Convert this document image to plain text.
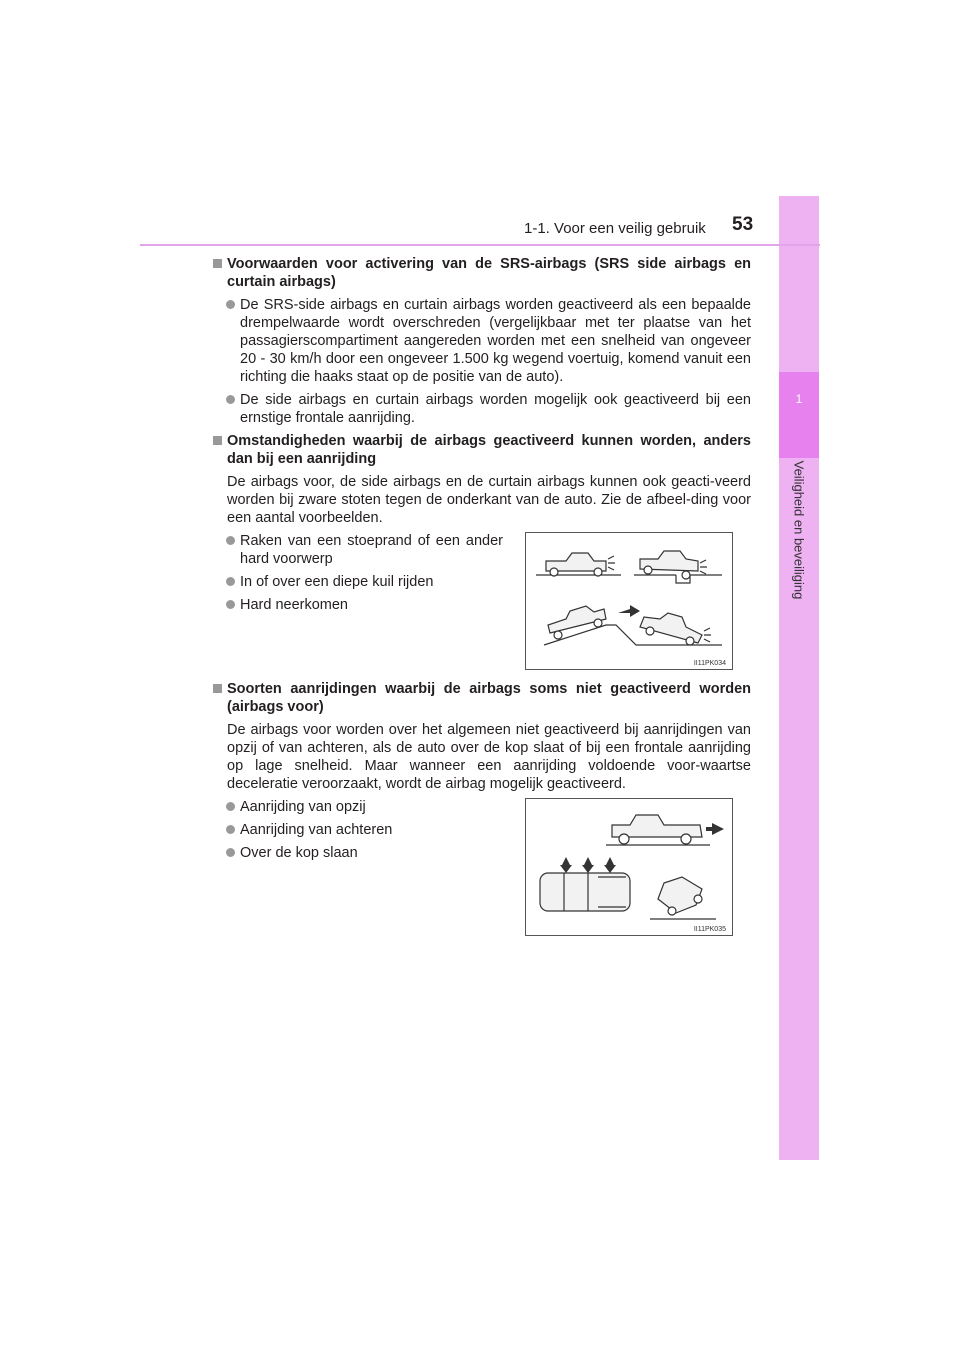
1
Veiligheid en beveiliging
1-1. Voor een veilig gebruik 53
Voorwaarden voor activering van de SRS-airbags (SRS side airbags en curtain airbags)
De SRS-side airbags en curtain airbags worden geactiveerd als een bepaalde drempelwaarde wordt overschreden (vergelijkbaar met ter plaatse van het passagierscompartiment aangereden worden met een snelheid van ongeveer 20 - 30 km/h door een ongeveer 1.500 kg wegend voertuig, komend vanuit een richting die haaks staat op de positie van de auto).
De side airbags en curtain airbags worden mogelijk ook geactiveerd bij een ernstige frontale aanrijding.
Omstandigheden waarbij de airbags geactiveerd kunnen worden, anders dan bij een aanrijding
De airbags voor, de side airbags en de curtain airbags kunnen ook geacti-veerd worden bij zware stoten tegen de onderkant van de auto. Zie de afbeel-ding voor een aantal voorbeelden.
Raken van een stoeprand of een ander hard voorwerp
In of over een diepe kuil rijden
Hard neerkomen
II11PK034
Soorten aanrijdingen waarbij de airbags soms niet geactiveerd worden (airbags voor)
De airbags voor worden over het algemeen niet geactiveerd bij aanrijdingen van opzij of van achteren, als de auto over de kop slaat of bij een frontale aanrijding op lage snelheid. Maar wanneer een aanrijding voldoende voor-waartse deceleratie veroorzaakt, wordt de airbag mogelijk geactiveerd.
Aanrijding van opzij
Aanrijding van achteren
Over de kop slaan
II11PK035
